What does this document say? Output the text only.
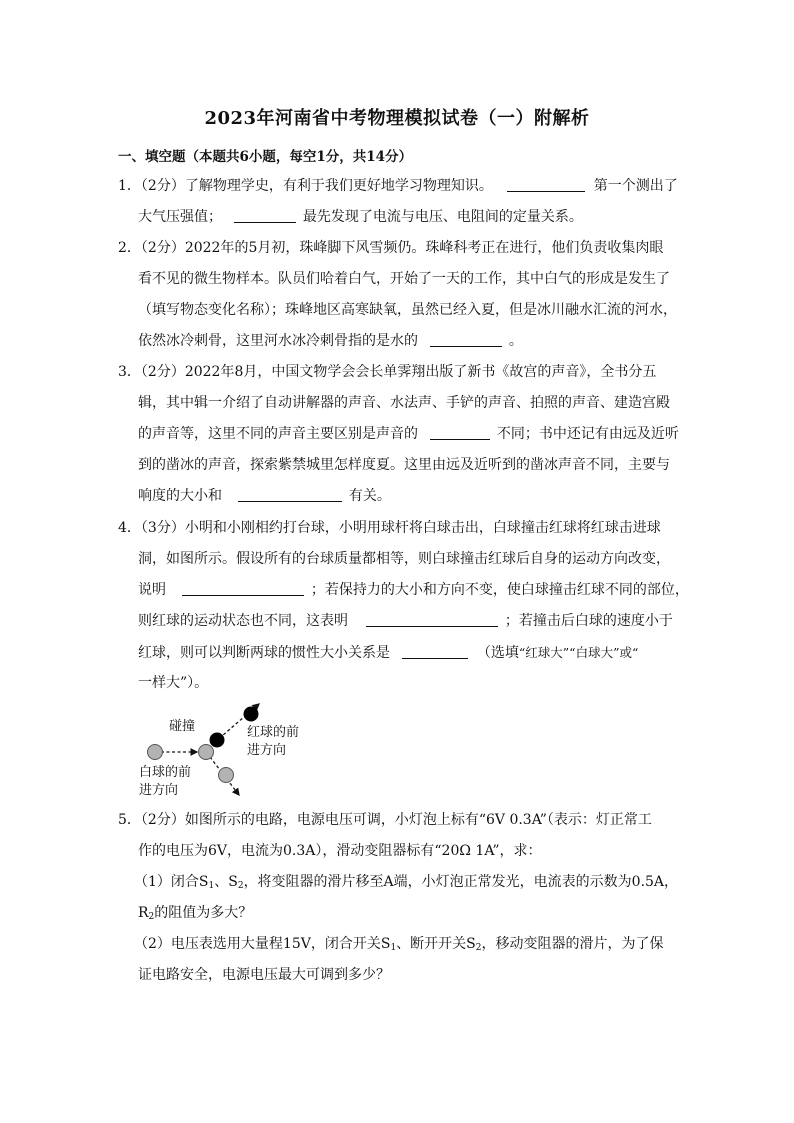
2023年河南省中考物理模拟试卷（一）附解析
一、填空题（本题共6小题，每空1分，共14分）
1．（2分）了解物理学史，有利于我们更好地学习物理知识。	第一个测出了
大气压强值；	最先发现了电流与电压、电阻间的定量关系。
2．（2分）2022年的5月初，珠峰脚下风雪频仍。珠峰科考正在进行，他们负责收集肉眼
看不见的微生物样本。队员们哈着白气，开始了一天的工作，其中白气的形成是发生了
（填写物态变化名称）；珠峰地区高寒缺氧，虽然已经入夏，但是冰川融水汇流的河水，
依然冰冷刺骨，这里河水冰冷刺骨指的是水的	。
3．（2分）2022年8月，中国文物学会会长单霁翔出版了新书《故宫的声音》，全书分五
辑，其中辑一介绍了自动讲解器的声音、水法声、手铲的声音、拍照的声音、建造宫殿
的声音等，这里不同的声音主要区别是声音的	不同；书中还记有由远及近听
到的凿冰的声音，探索紫禁城里怎样度夏。这里由远及近听到的凿冰声音不同，主要与
响度的大小和	有关。
4．（3分）小明和小刚相约打台球，小明用球杆将白球击出，白球撞击红球将红球击进球
洞，如图所示。假设所有的台球质量都相等，则白球撞击红球后自身的运动方向改变，
说明	；若保持力的大小和方向不变，使白球撞击红球不同的部位，
则红球的运动状态也不同，这表明	；若撞击后白球的速度小于
红球，则可以判断两球的惯性大小关系是	（选填“红球大”“白球大”或“
一样大”）。
碰撞	红球的前
进方向
白球的前
进方向
5．（2分）如图所示的电路，电源电压可调，小灯泡上标有“6V 0.3A”（表示：灯正常工
作的电压为6V，电流为0.3A），滑动变阻器标有“20Ω 1A”，求：
（1）闭合$S_1$、$S_2$，将变阻器的滑片移至A端，小灯泡正常发光，电流表的示数为0.5A，
$R_2$的阻值为多大？
（2）电压表选用大量程15V，闭合开关$S_1$、断开开关$S_2$，移动变阻器的滑片，为了保
证电路安全，电源电压最大可调到多少？
